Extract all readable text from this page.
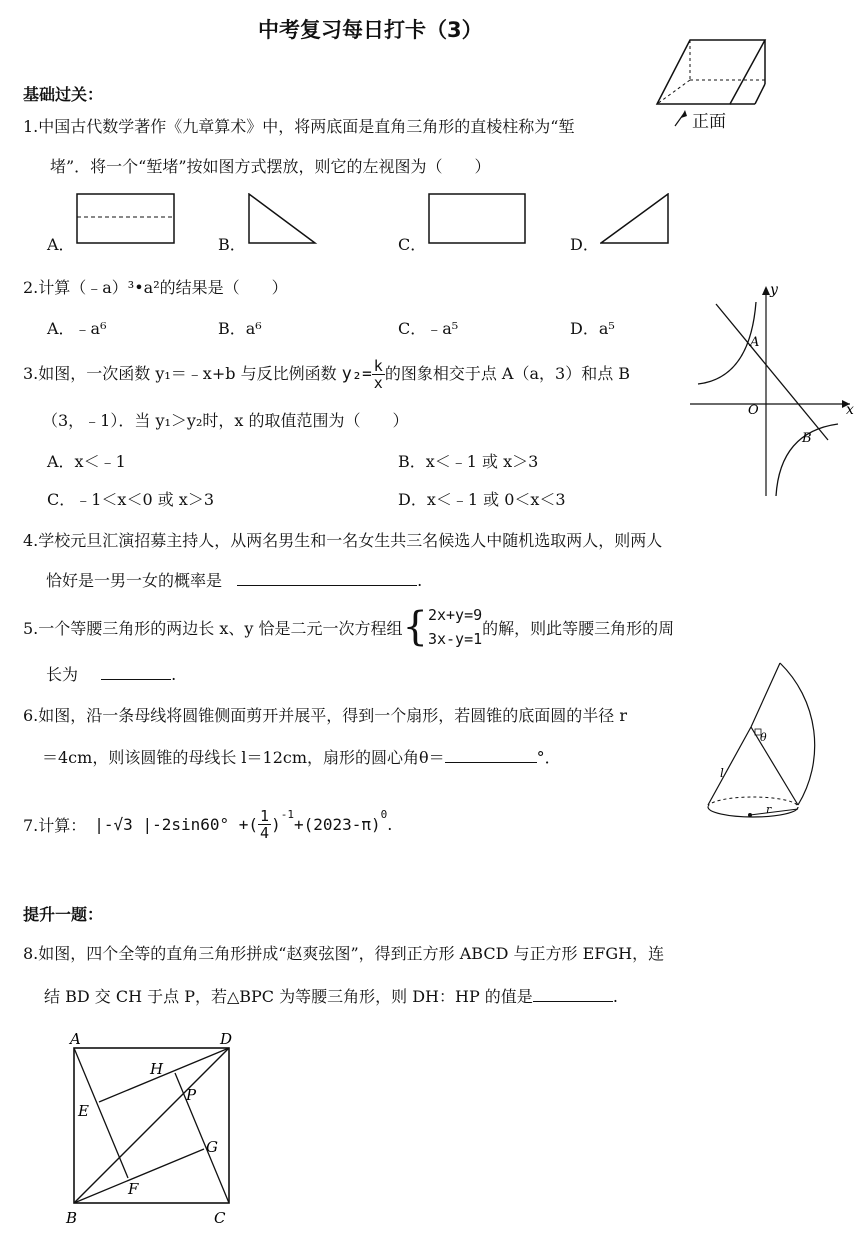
中考复习每日打卡（3）
正面
基础过关：
1.中国古代数学著作《九章算术》中，将两底面是直角三角形的直棱柱称为“堑
堵”．将一个“堑堵”按如图方式摆放，则它的左视图为（　　）
A．	B．	C．	D．
2.计算（﹣a）³•a²的结果是（　　）
A．﹣a⁶	B．a⁶	C．﹣a⁵	D．a⁵
y
x
A
O
B
3.如图，一次函数 y₁＝﹣x+b 与反比例函数 $y_2= \frac{k}{x}$ 的图象相交于点 A（a，3）和点 B
（3，﹣1）．当 y₁＞y₂时，x 的取值范围为（　　）
A．x＜﹣1	B．x＜﹣1 或 x＞3
C．﹣1＜x＜0 或 x＞3	D．x＜﹣1 或 0＜x＜3
4.学校元旦汇演招募主持人，从两名男生和一名女生共三名候选人中随机选取两人，则两人
恰好是一男一女的概率是	.
5.一个等腰三角形的两边长 x、y 恰是二元一次方程组 { 2x+y=9
3x-y=1
的解，则此等腰三角形的周
长为	.
θ
l
r
6.如图，沿一条母线将圆锥侧面剪开并展平，得到一个扇形，若圆锥的底面圆的半径 r
＝4cm，则该圆锥的母线长 l＝12cm，扇形的圆心角θ＝	°．
7.计算： |-√3 |-2sin60° +( $\frac{1}{4}$ )
$^{-1}$
+(2023-π)
$^0$
.
提升一题：
8.如图，四个全等的直角三角形拼成“赵爽弦图”，得到正方形 ABCD 与正方形 EFGH，连
结 BD 交 CH 于点 P，若△BPC 为等腰三角形，则 DH：HP 的值是	.
A	D
H
P
E
G
F
B	C
